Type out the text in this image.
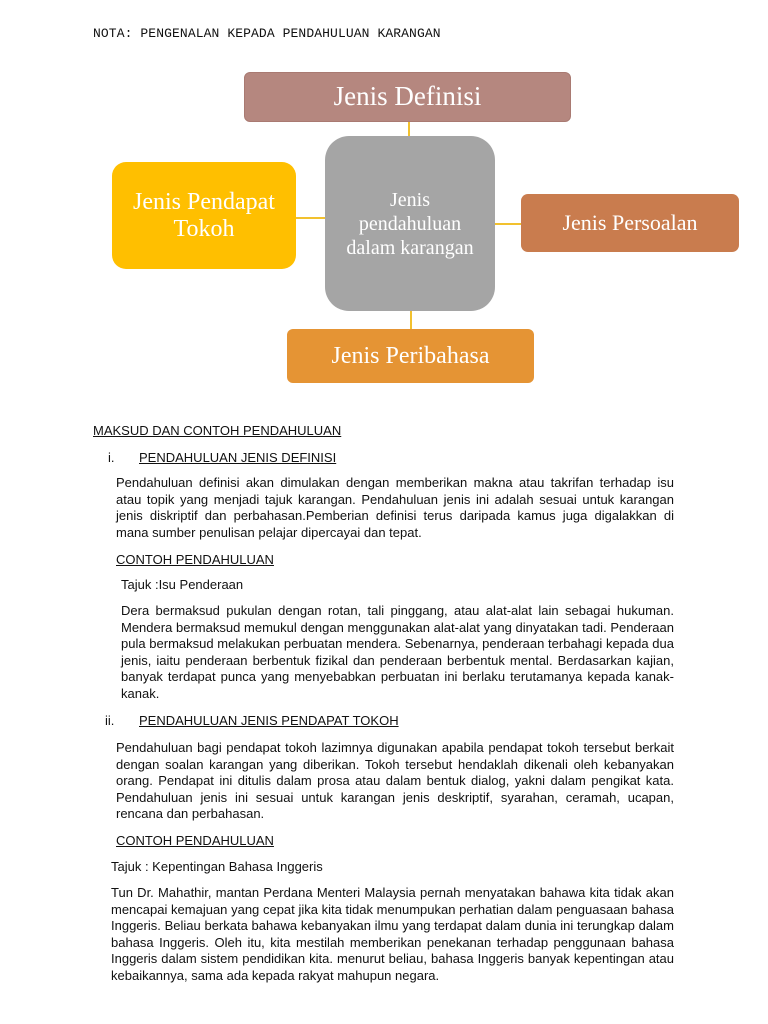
NOTA: PENGENALAN KEPADA PENDAHULUAN KARANGAN
Jenis Definisi
Jenis Pendapat Tokoh
Jenis pendahuluan dalam karangan
Jenis Persoalan
Jenis Peribahasa
MAKSUD DAN CONTOH PENDAHULUAN
i. PENDAHULUAN JENIS DEFINISI
Pendahuluan definisi akan dimulakan dengan memberikan makna atau takrifan terhadap isu atau topik yang menjadi tajuk karangan. Pendahuluan jenis ini adalah sesuai untuk karangan jenis diskriptif dan perbahasan.Pemberian definisi terus daripada kamus juga digalakkan di mana sumber penulisan pelajar dipercayai dan tepat.
CONTOH PENDAHULUAN
Tajuk :Isu Penderaan
Dera bermaksud pukulan dengan rotan, tali pinggang, atau alat-alat lain sebagai hukuman. Mendera bermaksud memukul dengan menggunakan alat-alat yang dinyatakan tadi. Penderaan pula bermaksud melakukan perbuatan mendera. Sebenarnya, penderaan terbahagi kepada dua jenis, iaitu penderaan berbentuk fizikal dan penderaan berbentuk mental. Berdasarkan kajian, banyak terdapat punca yang menyebabkan perbuatan ini berlaku terutamanya kepada kanak-kanak.
ii. PENDAHULUAN JENIS PENDAPAT TOKOH
Pendahuluan bagi pendapat tokoh lazimnya digunakan apabila pendapat tokoh tersebut berkait dengan soalan karangan yang diberikan. Tokoh tersebut hendaklah dikenali oleh kebanyakan orang. Pendapat ini ditulis dalam prosa atau dalam bentuk dialog, yakni dalam pengikat kata. Pendahuluan jenis ini sesuai untuk karangan jenis deskriptif, syarahan, ceramah, ucapan, rencana dan perbahasan.
CONTOH PENDAHULUAN
Tajuk : Kepentingan Bahasa Inggeris
Tun Dr. Mahathir, mantan Perdana Menteri Malaysia pernah menyatakan bahawa kita tidak akan mencapai kemajuan yang cepat jika kita tidak menumpukan perhatian dalam penguasaan bahasa Inggeris. Beliau berkata bahawa kebanyakan ilmu yang terdapat dalam dunia ini terungkap dalam bahasa Inggeris. Oleh itu, kita mestilah memberikan penekanan terhadap penggunaan bahasa Inggeris dalam sistem pendidikan kita. menurut beliau, bahasa Inggeris banyak kepentingan atau kebaikannya, sama ada kepada rakyat mahupun negara.
